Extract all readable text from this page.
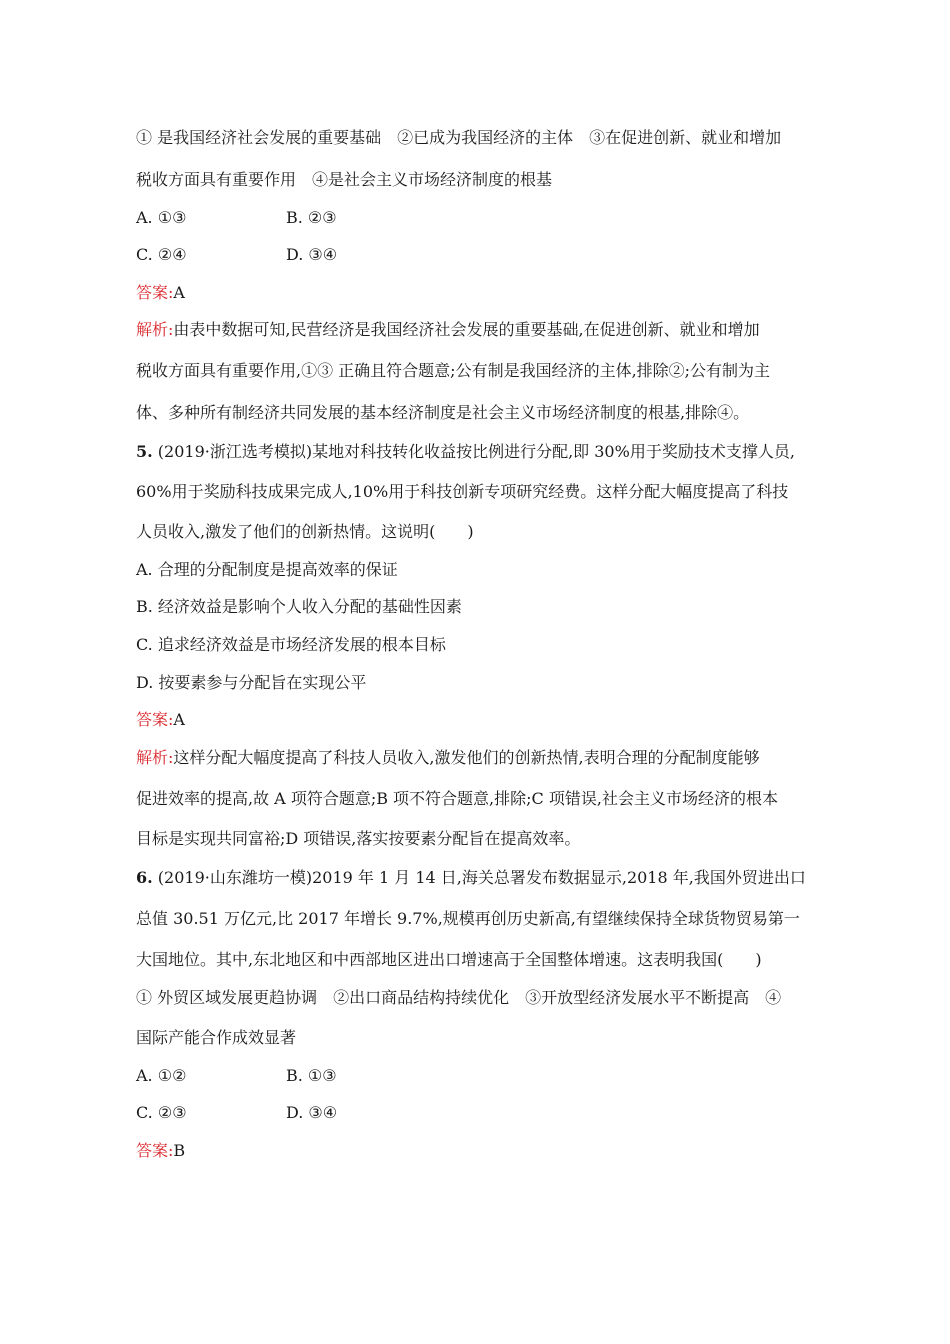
① 是我国经济社会发展的重要基础　②已成为我国经济的主体　③在促进创新、就业和增加
税收方面具有重要作用　④是社会主义市场经济制度的根基
A. ①③	B. ②③
C. ②④	D. ③④
答案:A
解析:由表中数据可知,民营经济是我国经济社会发展的重要基础,在促进创新、就业和增加
税收方面具有重要作用,①③ 正确且符合题意;公有制是我国经济的主体,排除②;公有制为主
体、多种所有制经济共同发展的基本经济制度是社会主义市场经济制度的根基,排除④。
5. (2019·浙江选考模拟)某地对科技转化收益按比例进行分配,即 30%用于奖励技术支撑人员,
60%用于奖励科技成果完成人,10%用于科技创新专项研究经费。这样分配大幅度提高了科技
人员收入,激发了他们的创新热情。这说明(　　)
A. 合理的分配制度是提高效率的保证
B. 经济效益是影响个人收入分配的基础性因素
C. 追求经济效益是市场经济发展的根本目标
D. 按要素参与分配旨在实现公平
答案:A
解析:这样分配大幅度提高了科技人员收入,激发他们的创新热情,表明合理的分配制度能够
促进效率的提高,故 A 项符合题意;B 项不符合题意,排除;C 项错误,社会主义市场经济的根本
目标是实现共同富裕;D 项错误,落实按要素分配旨在提高效率。
6. (2019·山东潍坊一模)2019 年 1 月 14 日,海关总署发布数据显示,2018 年,我国外贸进出口
总值 30.51 万亿元,比 2017 年增长 9.7%,规模再创历史新高,有望继续保持全球货物贸易第一
大国地位。其中,东北地区和中西部地区进出口增速高于全国整体增速。这表明我国(　　)
① 外贸区域发展更趋协调　②出口商品结构持续优化　③开放型经济发展水平不断提高　④
国际产能合作成效显著
A. ①②	B. ①③
C. ②③	D. ③④
答案:B
